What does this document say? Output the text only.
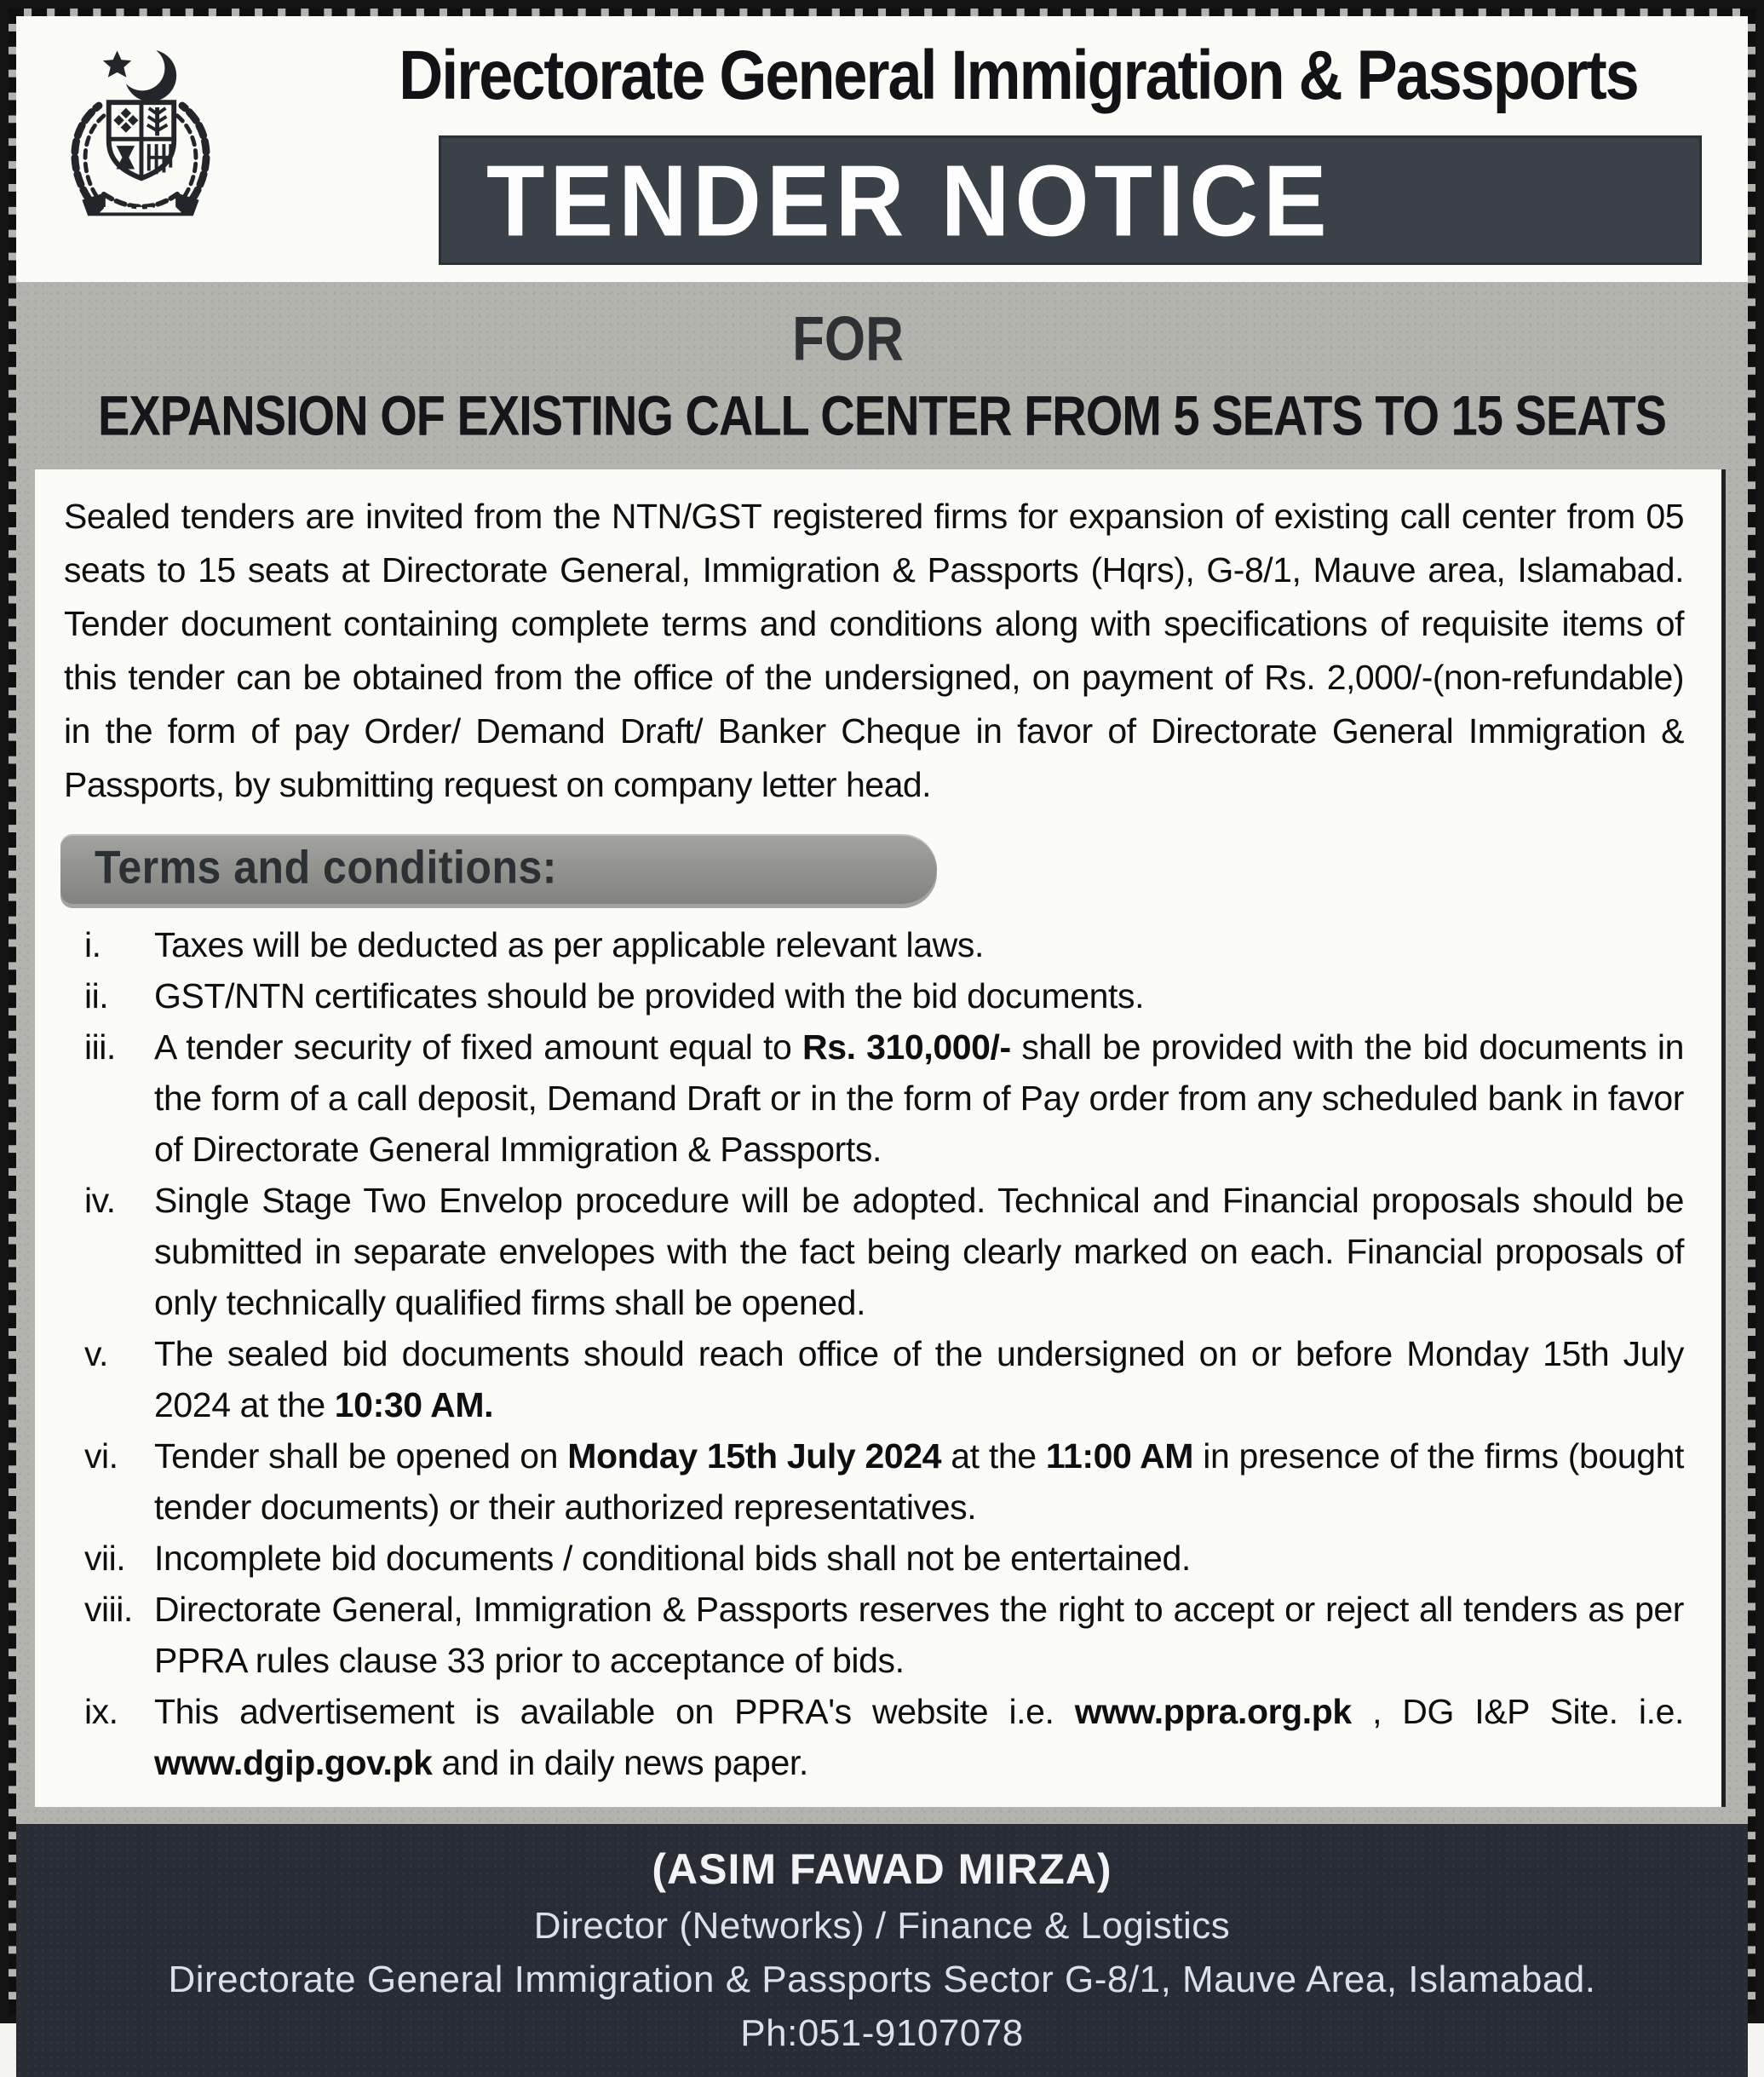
Directorate General Immigration & Passports
TENDER NOTICE
FOR
EXPANSION OF EXISTING CALL CENTER FROM 5 SEATS TO 15 SEATS
Sealed tenders are invited from the NTN/GST registered firms for expansion of existing call center from 05 seats to 15 seats at Directorate General, Immigration & Passports (Hqrs), G-8/1, Mauve area, Islamabad. Tender document containing complete terms and conditions along with specifications of requisite items of this tender can be obtained from the office of the undersigned, on payment of Rs. 2,000/-(non-refundable) in the form of pay Order/ Demand Draft/ Banker Cheque in favor of Directorate General Immigration & Passports, by submitting request on company letter head.
Terms and conditions:
i.	Taxes will be deducted as per applicable relevant laws.
ii.	GST/NTN certificates should be provided with the bid documents.
iii.	A tender security of fixed amount equal to Rs. 310,000/- shall be provided with the bid documents in the form of a call deposit, Demand Draft or in the form of Pay order from any scheduled bank in favor of Directorate General Immigration & Passports.
iv.	Single Stage Two Envelop procedure will be adopted. Technical and Financial proposals should be submitted in separate envelopes with the fact being clearly marked on each. Financial proposals of only technically qualified firms shall be opened.
v.	The sealed bid documents should reach office of the undersigned on or before Monday 15th July 2024 at the 10:30 AM.
vi.	Tender shall be opened on Monday 15th July 2024 at the 11:00 AM in presence of the firms (bought tender documents) or their authorized representatives.
vii. Incomplete bid documents / conditional bids shall not be entertained.
viii. Directorate General, Immigration & Passports reserves the right to accept or reject all tenders as per PPRA rules clause 33 prior to acceptance of bids.
ix.	This advertisement is available on PPRA's website i.e. www.ppra.org.pk , DG I&P Site. i.e. www.dgip.gov.pk and in daily news paper.
(ASIM FAWAD MIRZA)
Director (Networks) / Finance & Logistics
Directorate General Immigration & Passports Sector G-8/1, Mauve Area, Islamabad.
Ph:051-9107078
